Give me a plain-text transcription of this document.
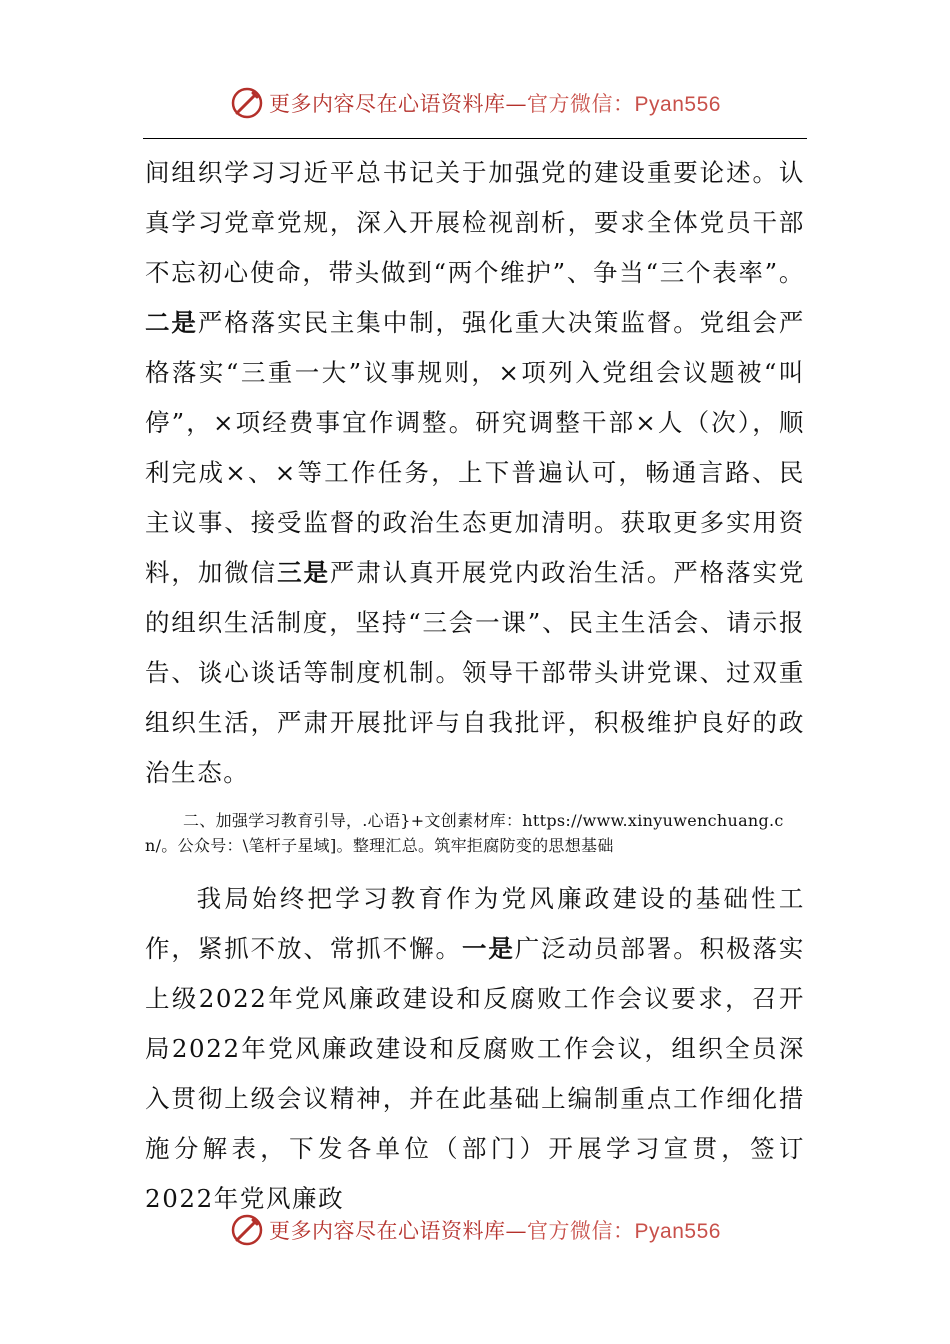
更多内容尽在心语资料库—官方微信：Pyan556

间组织学习习近平总书记关于加强党的建设重要论述。认真学习党章党规，深入开展检视剖析，要求全体党员干部不忘初心使命，带头做到“两个维护”、争当“三个表率”。二是严格落实民主集中制，强化重大决策监督。党组会严格落实“三重一大”议事规则，×项列入党组会议题被“叫停”，×项经费事宜作调整。研究调整干部×人（次），顺利完成×、×等工作任务，上下普遍认可，畅通言路、民主议事、接受监督的政治生态更加清明。获取更多实用资料，加微信三是严肃认真开展党内政治生活。严格落实党的组织生活制度，坚持“三会一课”、民主生活会、请示报告、谈心谈话等制度机制。领导干部带头讲党课、过双重组织生活，严肃开展批评与自我批评，积极维护良好的政治生态。

二、加强学习教育引导，.心语}+文创素材库：https://www.xinyuwenchuang.cn/。公众号：\笔杆子星域]。整理汇总。筑牢拒腐防变的思想基础

我局始终把学习教育作为党风廉政建设的基础性工作，紧抓不放、常抓不懈。一是广泛动员部署。积极落实上级2022年党风廉政建设和反腐败工作会议要求，召开局2022年党风廉政建设和反腐败工作会议，组织全员深入贯彻上级会议精神，并在此基础上编制重点工作细化措施分解表，下发各单位（部门）开展学习宣贯，签订2022年党风廉政

更多内容尽在心语资料库—官方微信：Pyan556
